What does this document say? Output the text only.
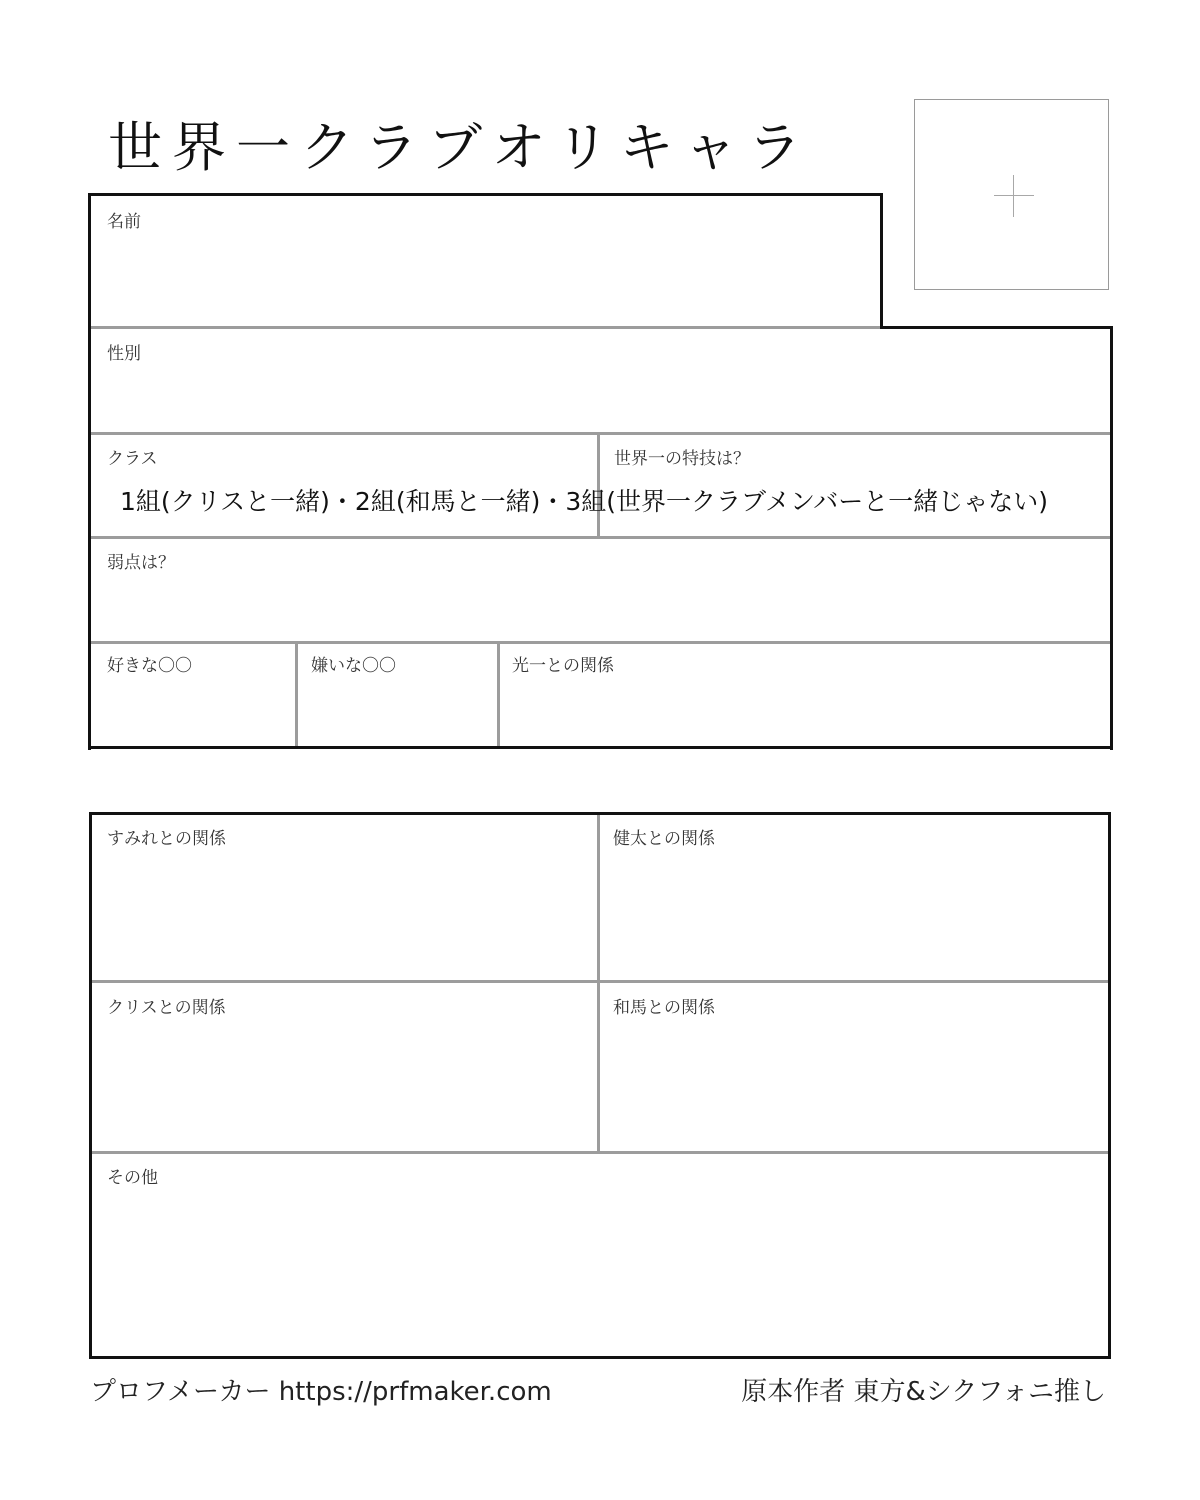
世界一クラブオリキャラ
名前
性別
クラス	世界一の特技は？
1組(クリスと一緒)・2組(和馬と一緒)・3組(世界一クラブメンバーと一緒じゃない)
弱点は？
好きな〇〇	嫌いな〇〇	光一との関係
すみれとの関係	健太との関係
クリスとの関係	和馬との関係
その他
プロフメーカー https://prfmaker.com	原本作者 東方&シクフォニ推し
